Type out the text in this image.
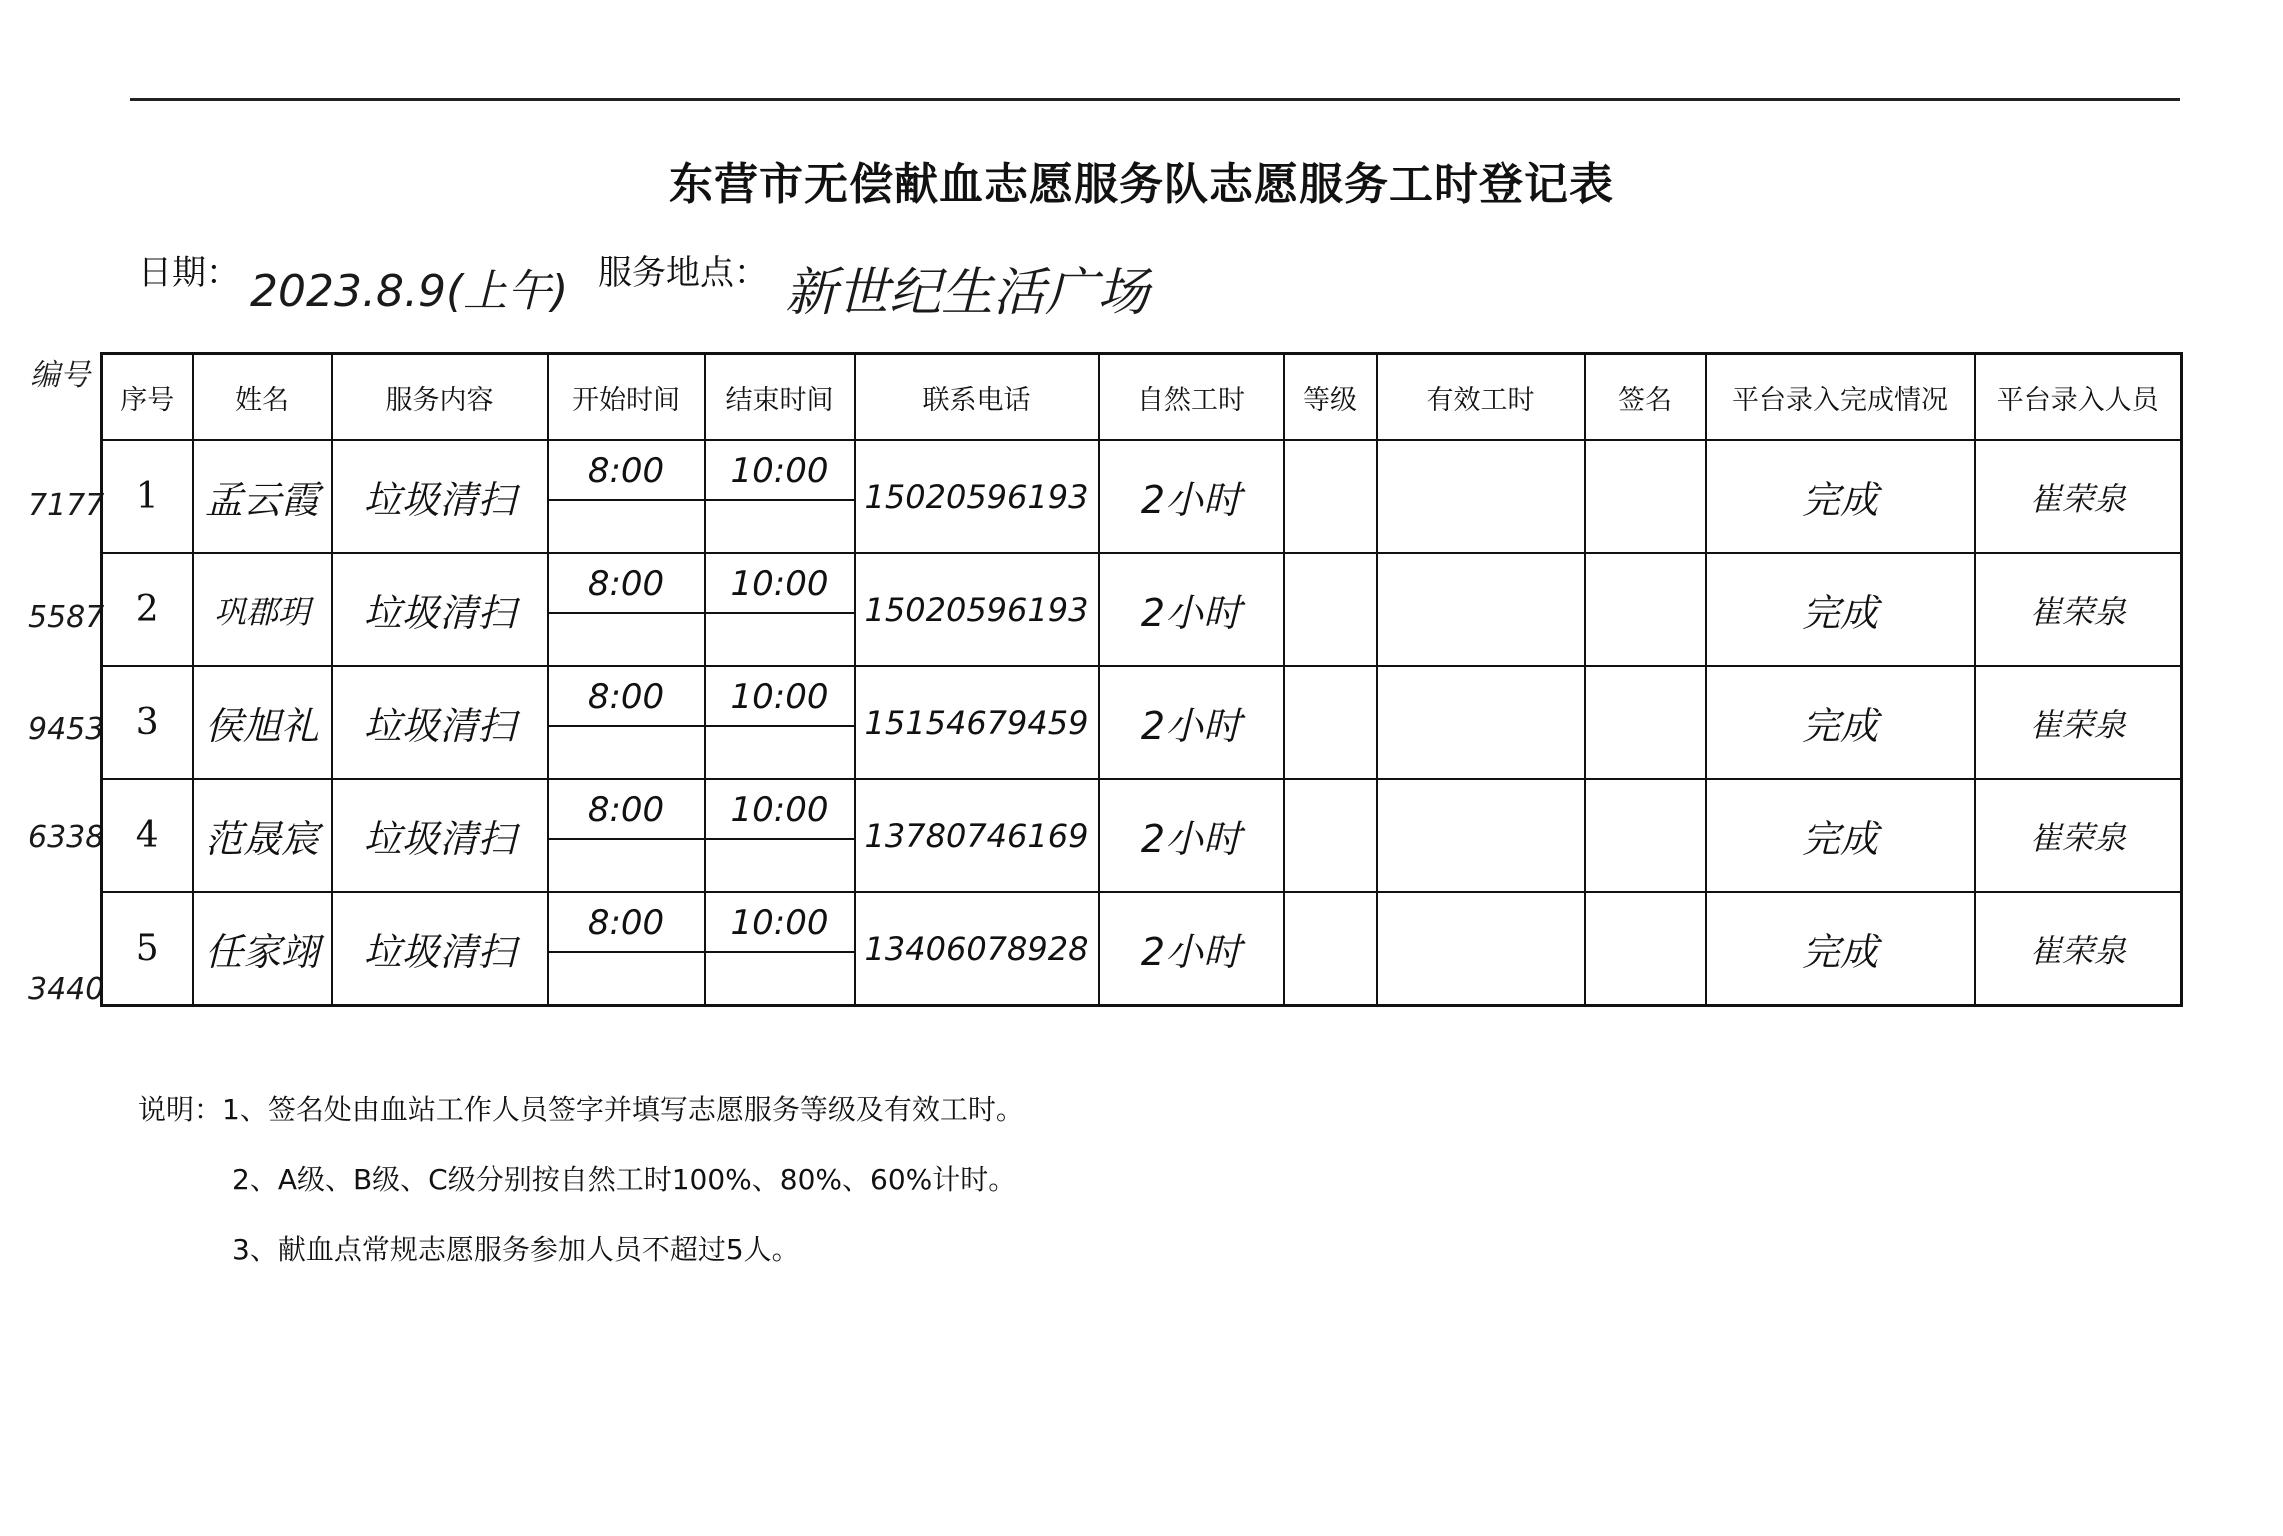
东营市无偿献血志愿服务队志愿服务工时登记表
日期： 2023.8.9(上午) 服务地点： 新世纪生活广场
编号
7177
5587
9453
6338
3440
序号	姓名	服务内容	开始时间	结束时间	联系电话	自然工时	等级	有效工时	签名	平台录入完成情况	平台录入人员
1	孟云霞	垃圾清扫	8:00	10:00	15020596193	2小时				完成	崔荣泉
2	巩郡玥	垃圾清扫	8:00	10:00	15020596193	2小时				完成	崔荣泉
3	侯旭礼	垃圾清扫	8:00	10:00	15154679459	2小时				完成	崔荣泉
4	范晟宸	垃圾清扫	8:00	10:00	13780746169	2小时				完成	崔荣泉
5	任家翊	垃圾清扫	8:00	10:00	13406078928	2小时				完成	崔荣泉
说明：1、签名处由血站工作人员签字并填写志愿服务等级及有效工时。
2、A级、B级、C级分别按自然工时100%、80%、60%计时。
3、献血点常规志愿服务参加人员不超过5人。
